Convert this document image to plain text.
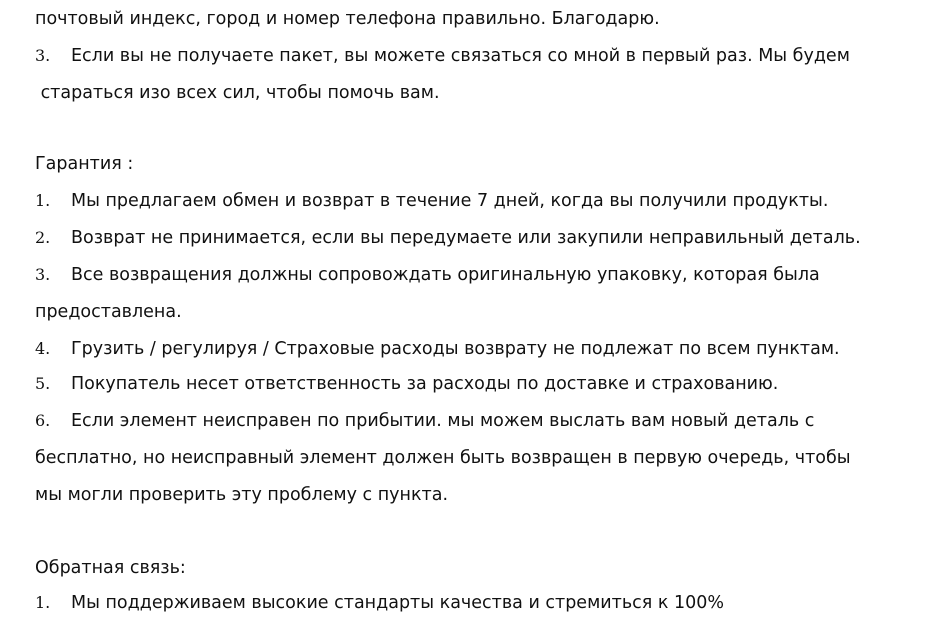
почтовый индекс, город и номер телефона правильно. Благодарю.

3. Если вы не получаете пакет, вы можете связаться со мной в первый раз. Мы будем

стараться изо всех сил, чтобы помочь вам.

Гарантия :

1. Мы предлагаем обмен и возврат в течение 7 дней, когда вы получили продукты.

2. Возврат не принимается, если вы передумаете или закупили неправильный деталь.

3. Все возвращения должны сопровождать оригинальную упаковку, которая была

предоставлена.

4. Грузить / регулируя / Страховые расходы возврату не подлежат по всем пунктам.

5. Покупатель несет ответственность за расходы по доставке и страхованию.

6. Если элемент неисправен по прибытии. мы можем выслать вам новый деталь с

бесплатно, но неисправный элемент должен быть возвращен в первую очередь, чтобы

мы могли проверить эту проблему с пункта.

Обратная связь:

1. Мы поддерживаем высокие стандарты качества и стремиться к 100%
